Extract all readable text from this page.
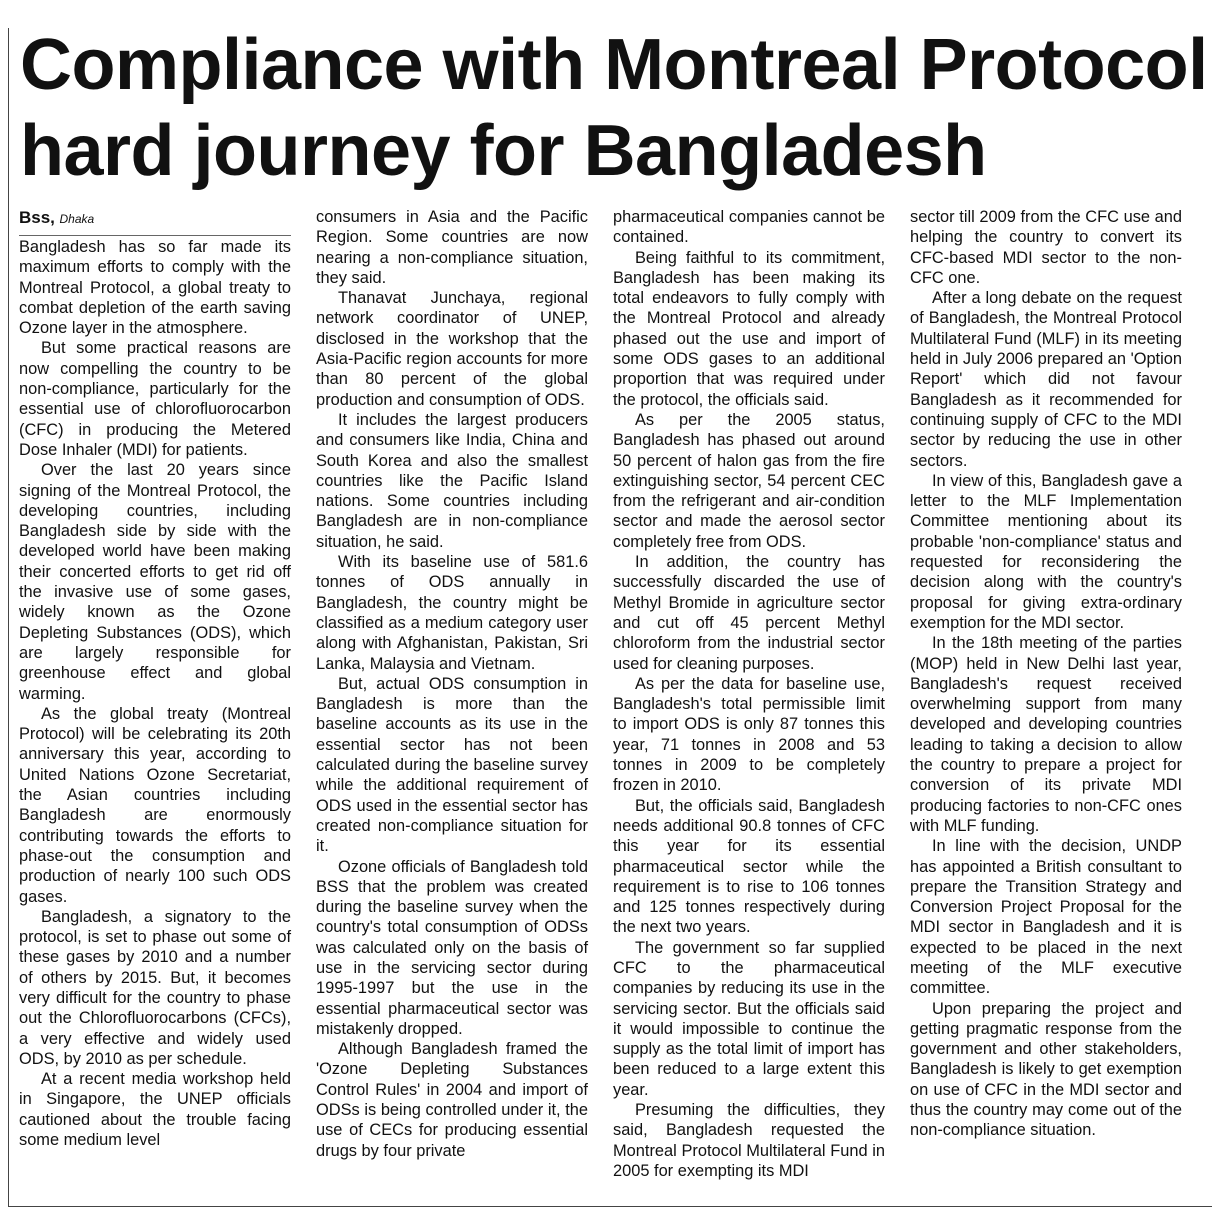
Compliance with Montreal Protocol
hard journey for Bangladesh
Bss, Dhaka

Bangladesh has so far made its maximum efforts to comply with the Montreal Protocol, a global treaty to combat depletion of the earth saving Ozone layer in the atmosphere.

But some practical reasons are now compelling the country to be non-compliance, particularly for the essential use of chlorofluorocarbon (CFC) in producing the Metered Dose Inhaler (MDI) for patients.

Over the last 20 years since signing of the Montreal Protocol, the developing countries, including Bangladesh side by side with the developed world have been making their concerted efforts to get rid off the invasive use of some gases, widely known as the Ozone Depleting Substances (ODS), which are largely responsible for greenhouse effect and global warming.

As the global treaty (Montreal Protocol) will be celebrating its 20th anniversary this year, according to United Nations Ozone Secretariat, the Asian countries including Bangladesh are enormously contributing towards the efforts to phase-out the consumption and production of nearly 100 such ODS gases.

Bangladesh, a signatory to the protocol, is set to phase out some of these gases by 2010 and a number of others by 2015. But, it becomes very difficult for the country to phase out the Chlorofluorocarbons (CFCs), a very effective and widely used ODS, by 2010 as per schedule.

At a recent media workshop held in Singapore, the UNEP officials cautioned about the trouble facing some medium level

consumers in Asia and the Pacific Region. Some countries are now nearing a non-compliance situation, they said.

Thanavat Junchaya, regional network coordinator of UNEP, disclosed in the workshop that the Asia-Pacific region accounts for more than 80 percent of the global production and consumption of ODS.

It includes the largest producers and consumers like India, China and South Korea and also the smallest countries like the Pacific Island nations. Some countries including Bangladesh are in non-compliance situation, he said.

With its baseline use of 581.6 tonnes of ODS annually in Bangladesh, the country might be classified as a medium category user along with Afghanistan, Pakistan, Sri Lanka, Malaysia and Vietnam.

But, actual ODS consumption in Bangladesh is more than the baseline accounts as its use in the essential sector has not been calculated during the baseline survey while the additional requirement of ODS used in the essential sector has created non-compliance situation for it.

Ozone officials of Bangladesh told BSS that the problem was created during the baseline survey when the country's total consumption of ODSs was calculated only on the basis of use in the servicing sector during 1995-1997 but the use in the essential pharmaceutical sector was mistakenly dropped.

Although Bangladesh framed the 'Ozone Depleting Substances Control Rules' in 2004 and import of ODSs is being controlled under it, the use of CECs for producing essential drugs by four private

pharmaceutical companies cannot be contained.

Being faithful to its commitment, Bangladesh has been making its total endeavors to fully comply with the Montreal Protocol and already phased out the use and import of some ODS gases to an additional proportion that was required under the protocol, the officials said.

As per the 2005 status, Bangladesh has phased out around 50 percent of halon gas from the fire extinguishing sector, 54 percent CEC from the refrigerant and air-condition sector and made the aerosol sector completely free from ODS.

In addition, the country has successfully discarded the use of Methyl Bromide in agriculture sector and cut off 45 percent Methyl chloroform from the industrial sector used for cleaning purposes.

As per the data for baseline use, Bangladesh's total permissible limit to import ODS is only 87 tonnes this year, 71 tonnes in 2008 and 53 tonnes in 2009 to be completely frozen in 2010.

But, the officials said, Bangladesh needs additional 90.8 tonnes of CFC this year for its essential pharmaceutical sector while the requirement is to rise to 106 tonnes and 125 tonnes respectively during the next two years.

The government so far supplied CFC to the pharmaceutical companies by reducing its use in the servicing sector. But the officials said it would impossible to continue the supply as the total limit of import has been reduced to a large extent this year.

Presuming the difficulties, they said, Bangladesh requested the Montreal Protocol Multilateral Fund in 2005 for exempting its MDI

sector till 2009 from the CFC use and helping the country to convert its CFC-based MDI sector to the non-CFC one.

After a long debate on the request of Bangladesh, the Montreal Protocol Multilateral Fund (MLF) in its meeting held in July 2006 prepared an 'Option Report' which did not favour Bangladesh as it recommended for continuing supply of CFC to the MDI sector by reducing the use in other sectors.

In view of this, Bangladesh gave a letter to the MLF Implementation Committee mentioning about its probable 'non-compliance' status and requested for reconsidering the decision along with the country's proposal for giving extra-ordinary exemption for the MDI sector.

In the 18th meeting of the parties (MOP) held in New Delhi last year, Bangladesh's request received overwhelming support from many developed and developing countries leading to taking a decision to allow the country to prepare a project for conversion of its private MDI producing factories to non-CFC ones with MLF funding.

In line with the decision, UNDP has appointed a British consultant to prepare the Transition Strategy and Conversion Project Proposal for the MDI sector in Bangladesh and it is expected to be placed in the next meeting of the MLF executive committee.

Upon preparing the project and getting pragmatic response from the government and other stakeholders, Bangladesh is likely to get exemption on use of CFC in the MDI sector and thus the country may come out of the non-compliance situation.
